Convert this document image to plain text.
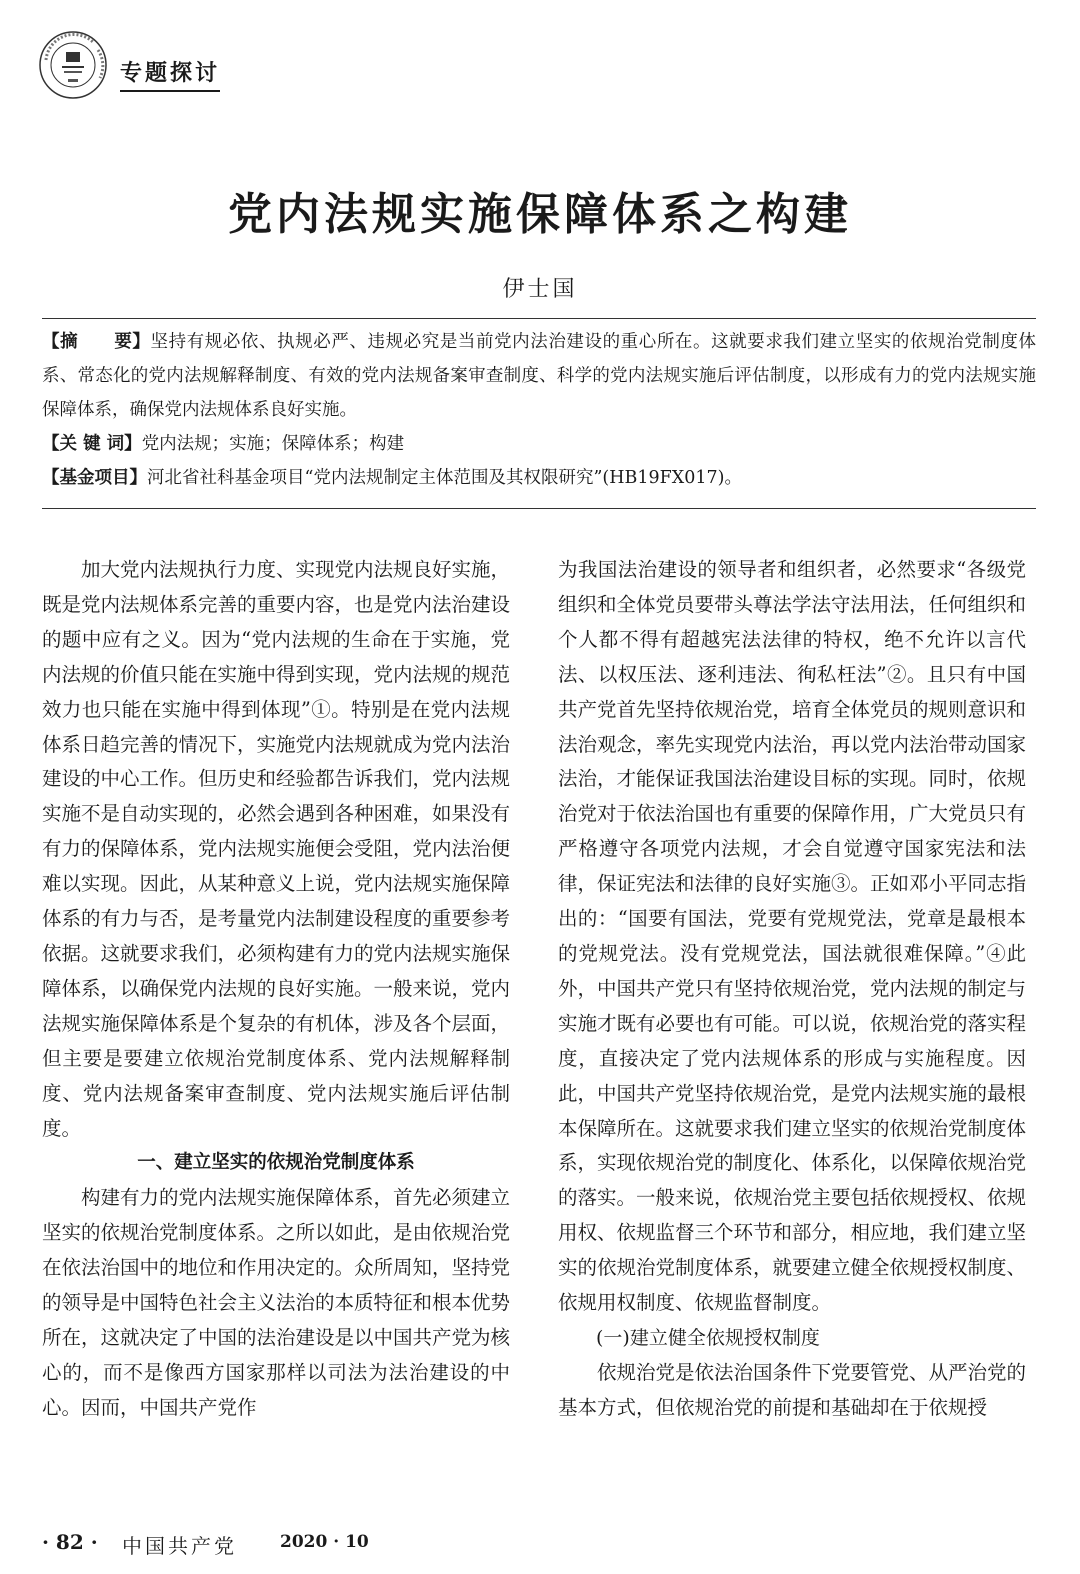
专题探讨
党内法规实施保障体系之构建
伊士国

【摘　　要】坚持有规必依、执规必严、违规必究是当前党内法治建设的重心所在。这就要求我们建立坚实的依规治党制度体系、常态化的党内法规解释制度、有效的党内法规备案审查制度、科学的党内法规实施后评估制度，以形成有力的党内法规实施保障体系，确保党内法规体系良好实施。

【关 键 词】党内法规；实施；保障体系；构建

【基金项目】河北省社科基金项目“党内法规制定主体范围及其权限研究”(HB19FX017)。

加大党内法规执行力度、实现党内法规良好实施，既是党内法规体系完善的重要内容，也是党内法治建设的题中应有之义。因为“党内法规的生命在于实施，党内法规的价值只能在实施中得到实现，党内法规的规范效力也只能在实施中得到体现”①。特别是在党内法规体系日趋完善的情况下，实施党内法规就成为党内法治建设的中心工作。但历史和经验都告诉我们，党内法规实施不是自动实现的，必然会遇到各种困难，如果没有有力的保障体系，党内法规实施便会受阻，党内法治便难以实现。因此，从某种意义上说，党内法规实施保障体系的有力与否，是考量党内法制建设程度的重要参考依据。这就要求我们，必须构建有力的党内法规实施保障体系，以确保党内法规的良好实施。一般来说，党内法规实施保障体系是个复杂的有机体，涉及各个层面，但主要是要建立依规治党制度体系、党内法规解释制度、党内法规备案审查制度、党内法规实施后评估制度。

一、建立坚实的依规治党制度体系

构建有力的党内法规实施保障体系，首先必须建立坚实的依规治党制度体系。之所以如此，是由依规治党在依法治国中的地位和作用决定的。众所周知，坚持党的领导是中国特色社会主义法治的本质特征和根本优势所在，这就决定了中国的法治建设是以中国共产党为核心的，而不是像西方国家那样以司法为法治建设的中心。因而，中国共产党作

为我国法治建设的领导者和组织者，必然要求“各级党组织和全体党员要带头尊法学法守法用法，任何组织和个人都不得有超越宪法法律的特权，绝不允许以言代法、以权压法、逐利违法、徇私枉法”②。且只有中国共产党首先坚持依规治党，培育全体党员的规则意识和法治观念，率先实现党内法治，再以党内法治带动国家法治，才能保证我国法治建设目标的实现。同时，依规治党对于依法治国也有重要的保障作用，广大党员只有严格遵守各项党内法规，才会自觉遵守国家宪法和法律，保证宪法和法律的良好实施③。正如邓小平同志指出的：“国要有国法，党要有党规党法，党章是最根本的党规党法。没有党规党法，国法就很难保障。”④此外，中国共产党只有坚持依规治党，党内法规的制定与实施才既有必要也有可能。可以说，依规治党的落实程度，直接决定了党内法规体系的形成与实施程度。因此，中国共产党坚持依规治党，是党内法规实施的最根本保障所在。这就要求我们建立坚实的依规治党制度体系，实现依规治党的制度化、体系化，以保障依规治党的落实。一般来说，依规治党主要包括依规授权、依规用权、依规监督三个环节和部分，相应地，我们建立坚实的依规治党制度体系，就要建立健全依规授权制度、依规用权制度、依规监督制度。

(一)建立健全依规授权制度

依规治党是依法治国条件下党要管党、从严治党的基本方式，但依规治党的前提和基础却在于依规授

· 82 · 中国共产党	2020 · 10
